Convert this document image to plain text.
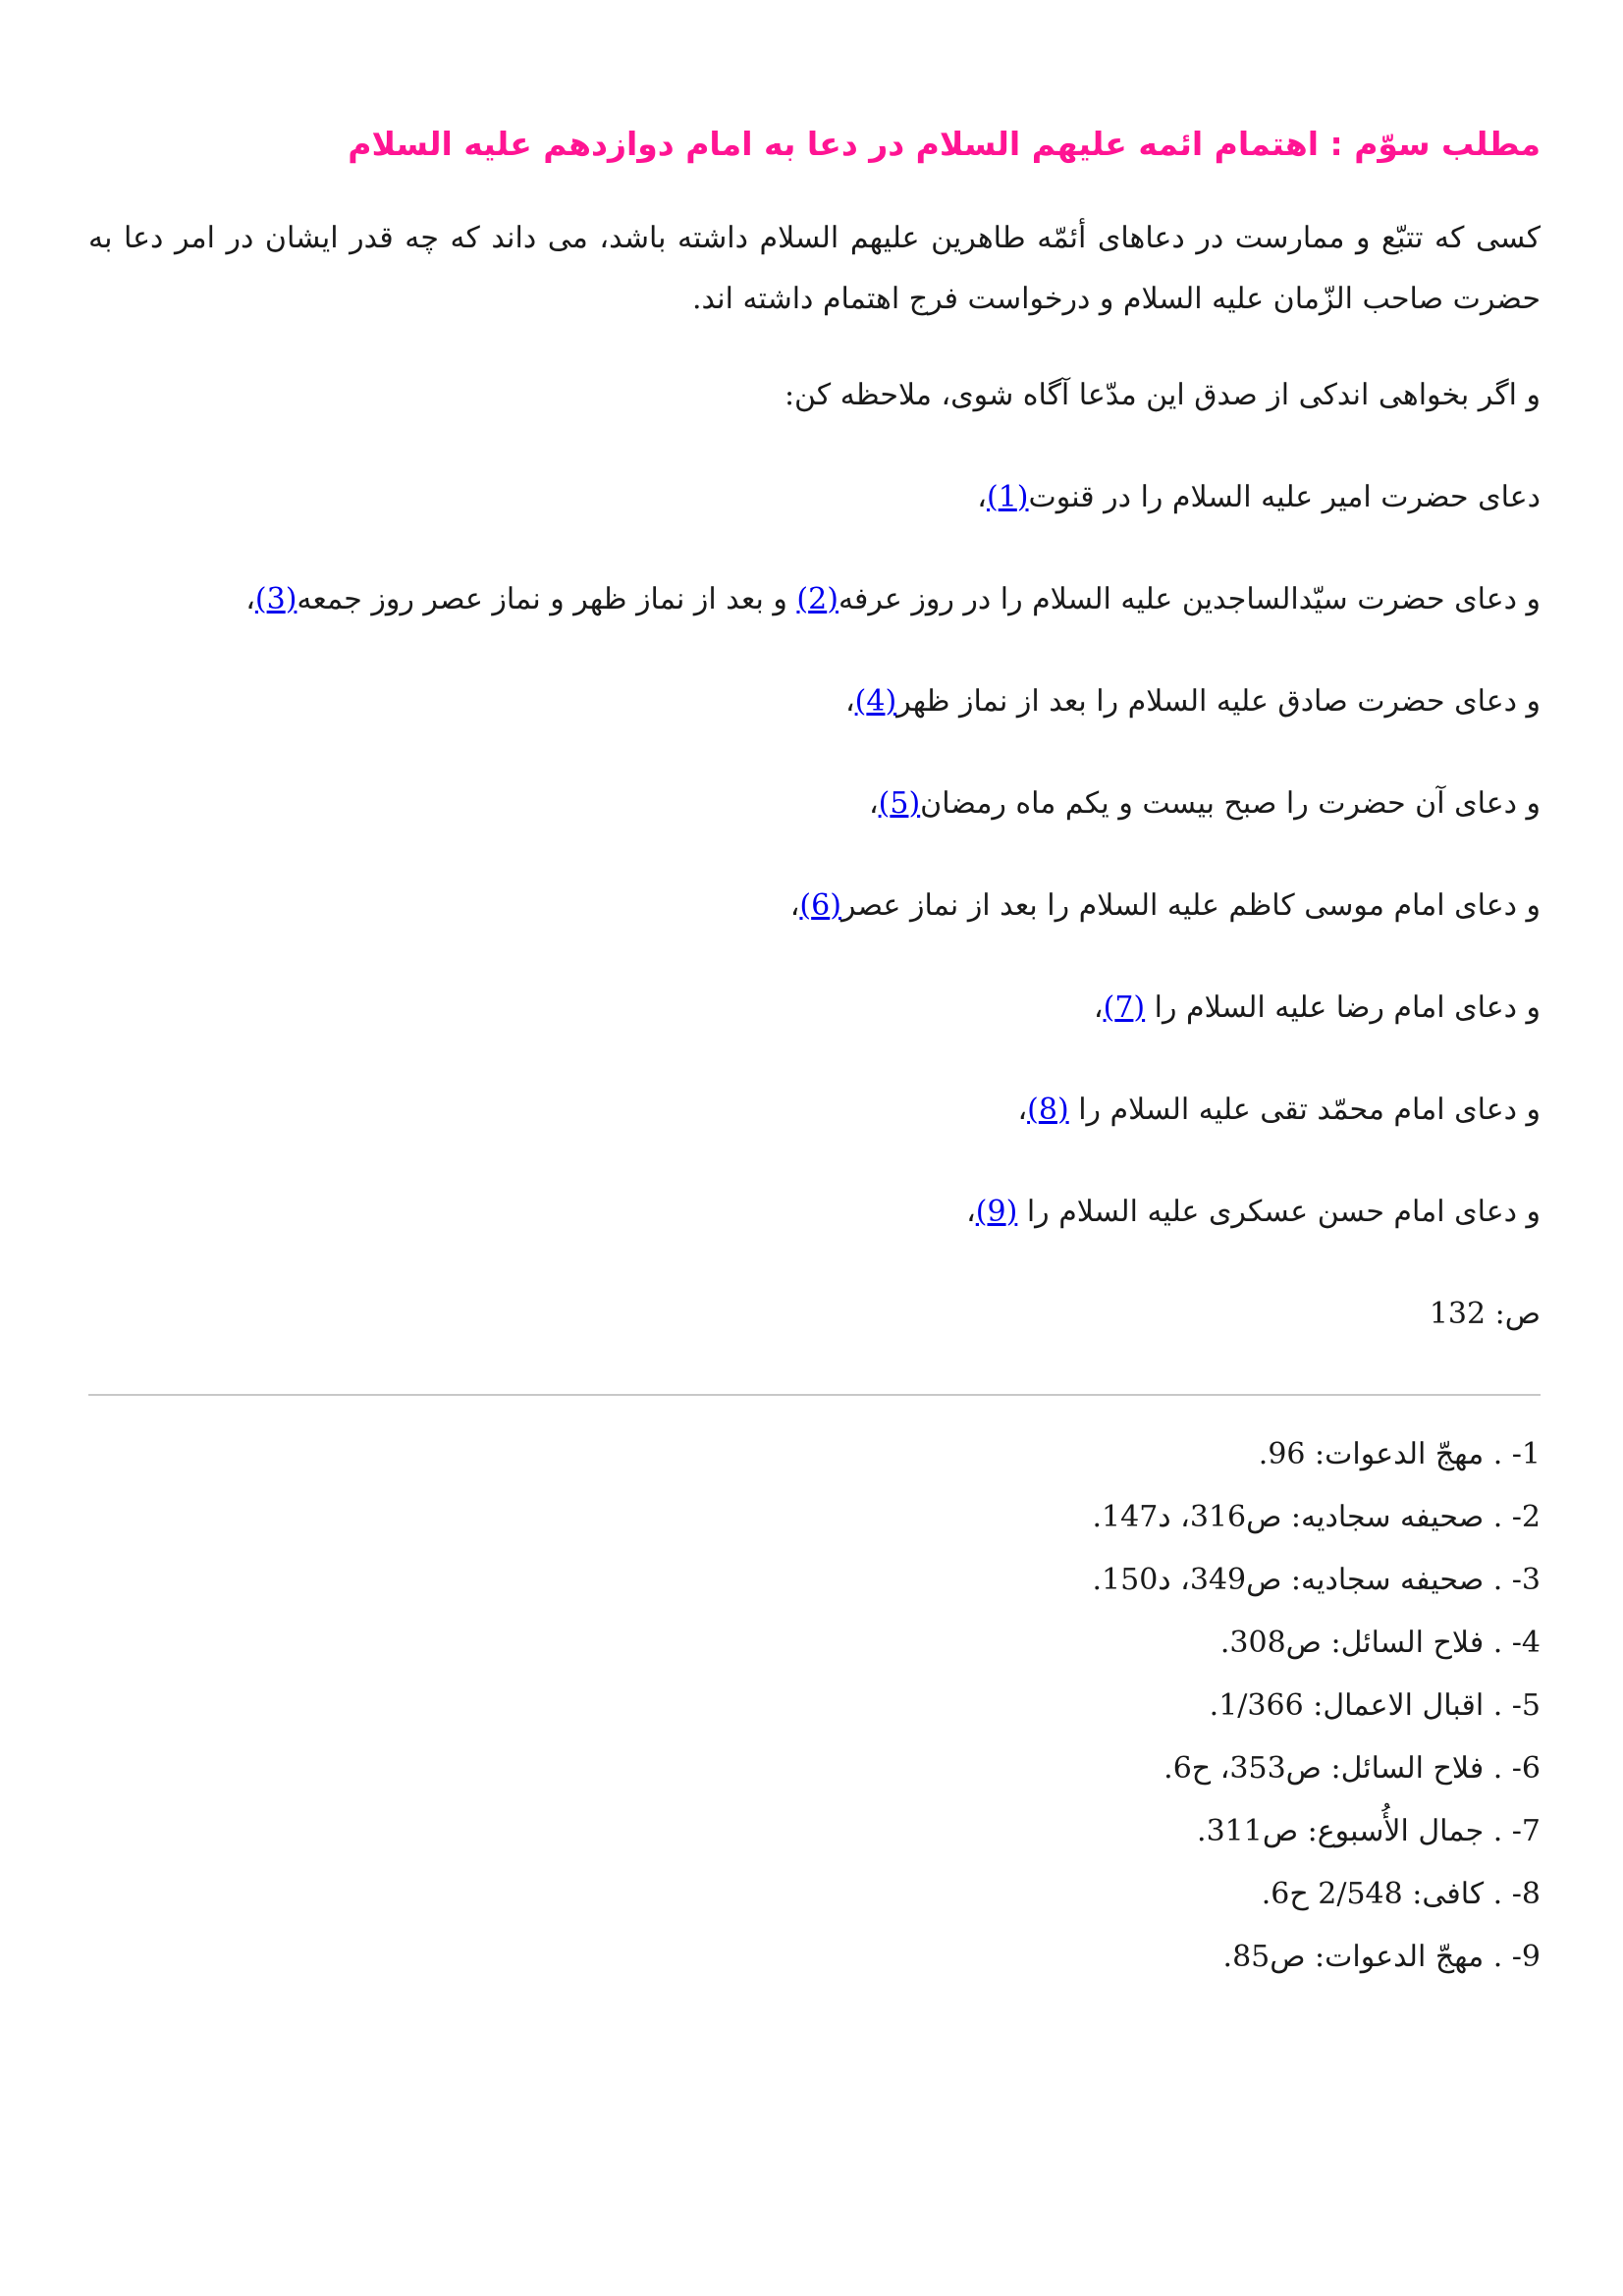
مطلب سوّم : اهتمام ائمه علیهم السلام در دعا به امام دوازدهم علیه السلام

کسی که تتبّع و ممارست در دعاهای أئمّه طاهرین علیهم السلام داشته باشد، می داند که چه قدر ایشان در امر دعا به حضرت صاحب الزّمان علیه السلام و درخواست فرج اهتمام داشته اند.

و اگر بخواهی اندکی از صدق این مدّعا آگاه شوی، ملاحظه کن:

دعای حضرت امیر علیه السلام را در قنوت(1)،

و دعای حضرت سیّدالساجدین علیه السلام را در روز عرفه(2) و بعد از نماز ظهر و نماز عصر روز جمعه(3)،

و دعای حضرت صادق علیه السلام را بعد از نماز ظهر(4)،

و دعای آن حضرت را صبح بیست و یکم ماه رمضان(5)،

و دعای امام موسی کاظم علیه السلام را بعد از نماز عصر(6)،

و دعای امام رضا علیه السلام را (7)،

و دعای امام محمّد تقی علیه السلام را (8)،

و دعای امام حسن عسکری علیه السلام را (9)،

ص: 132

1- . مهجّ الدعوات: 96.
2- . صحیفه سجادیه: ص316، د147.
3- . صحیفه سجادیه: ص349، د150.
4- . فلاح السائل: ص308.
5- . اقبال الاعمال: 1/366.
6- . فلاح السائل: ص353، ح6.
7- . جمال الأُسبوع: ص311.
8- . کافی: 2/548 ح6.
9- . مهجّ الدعوات: ص85.
